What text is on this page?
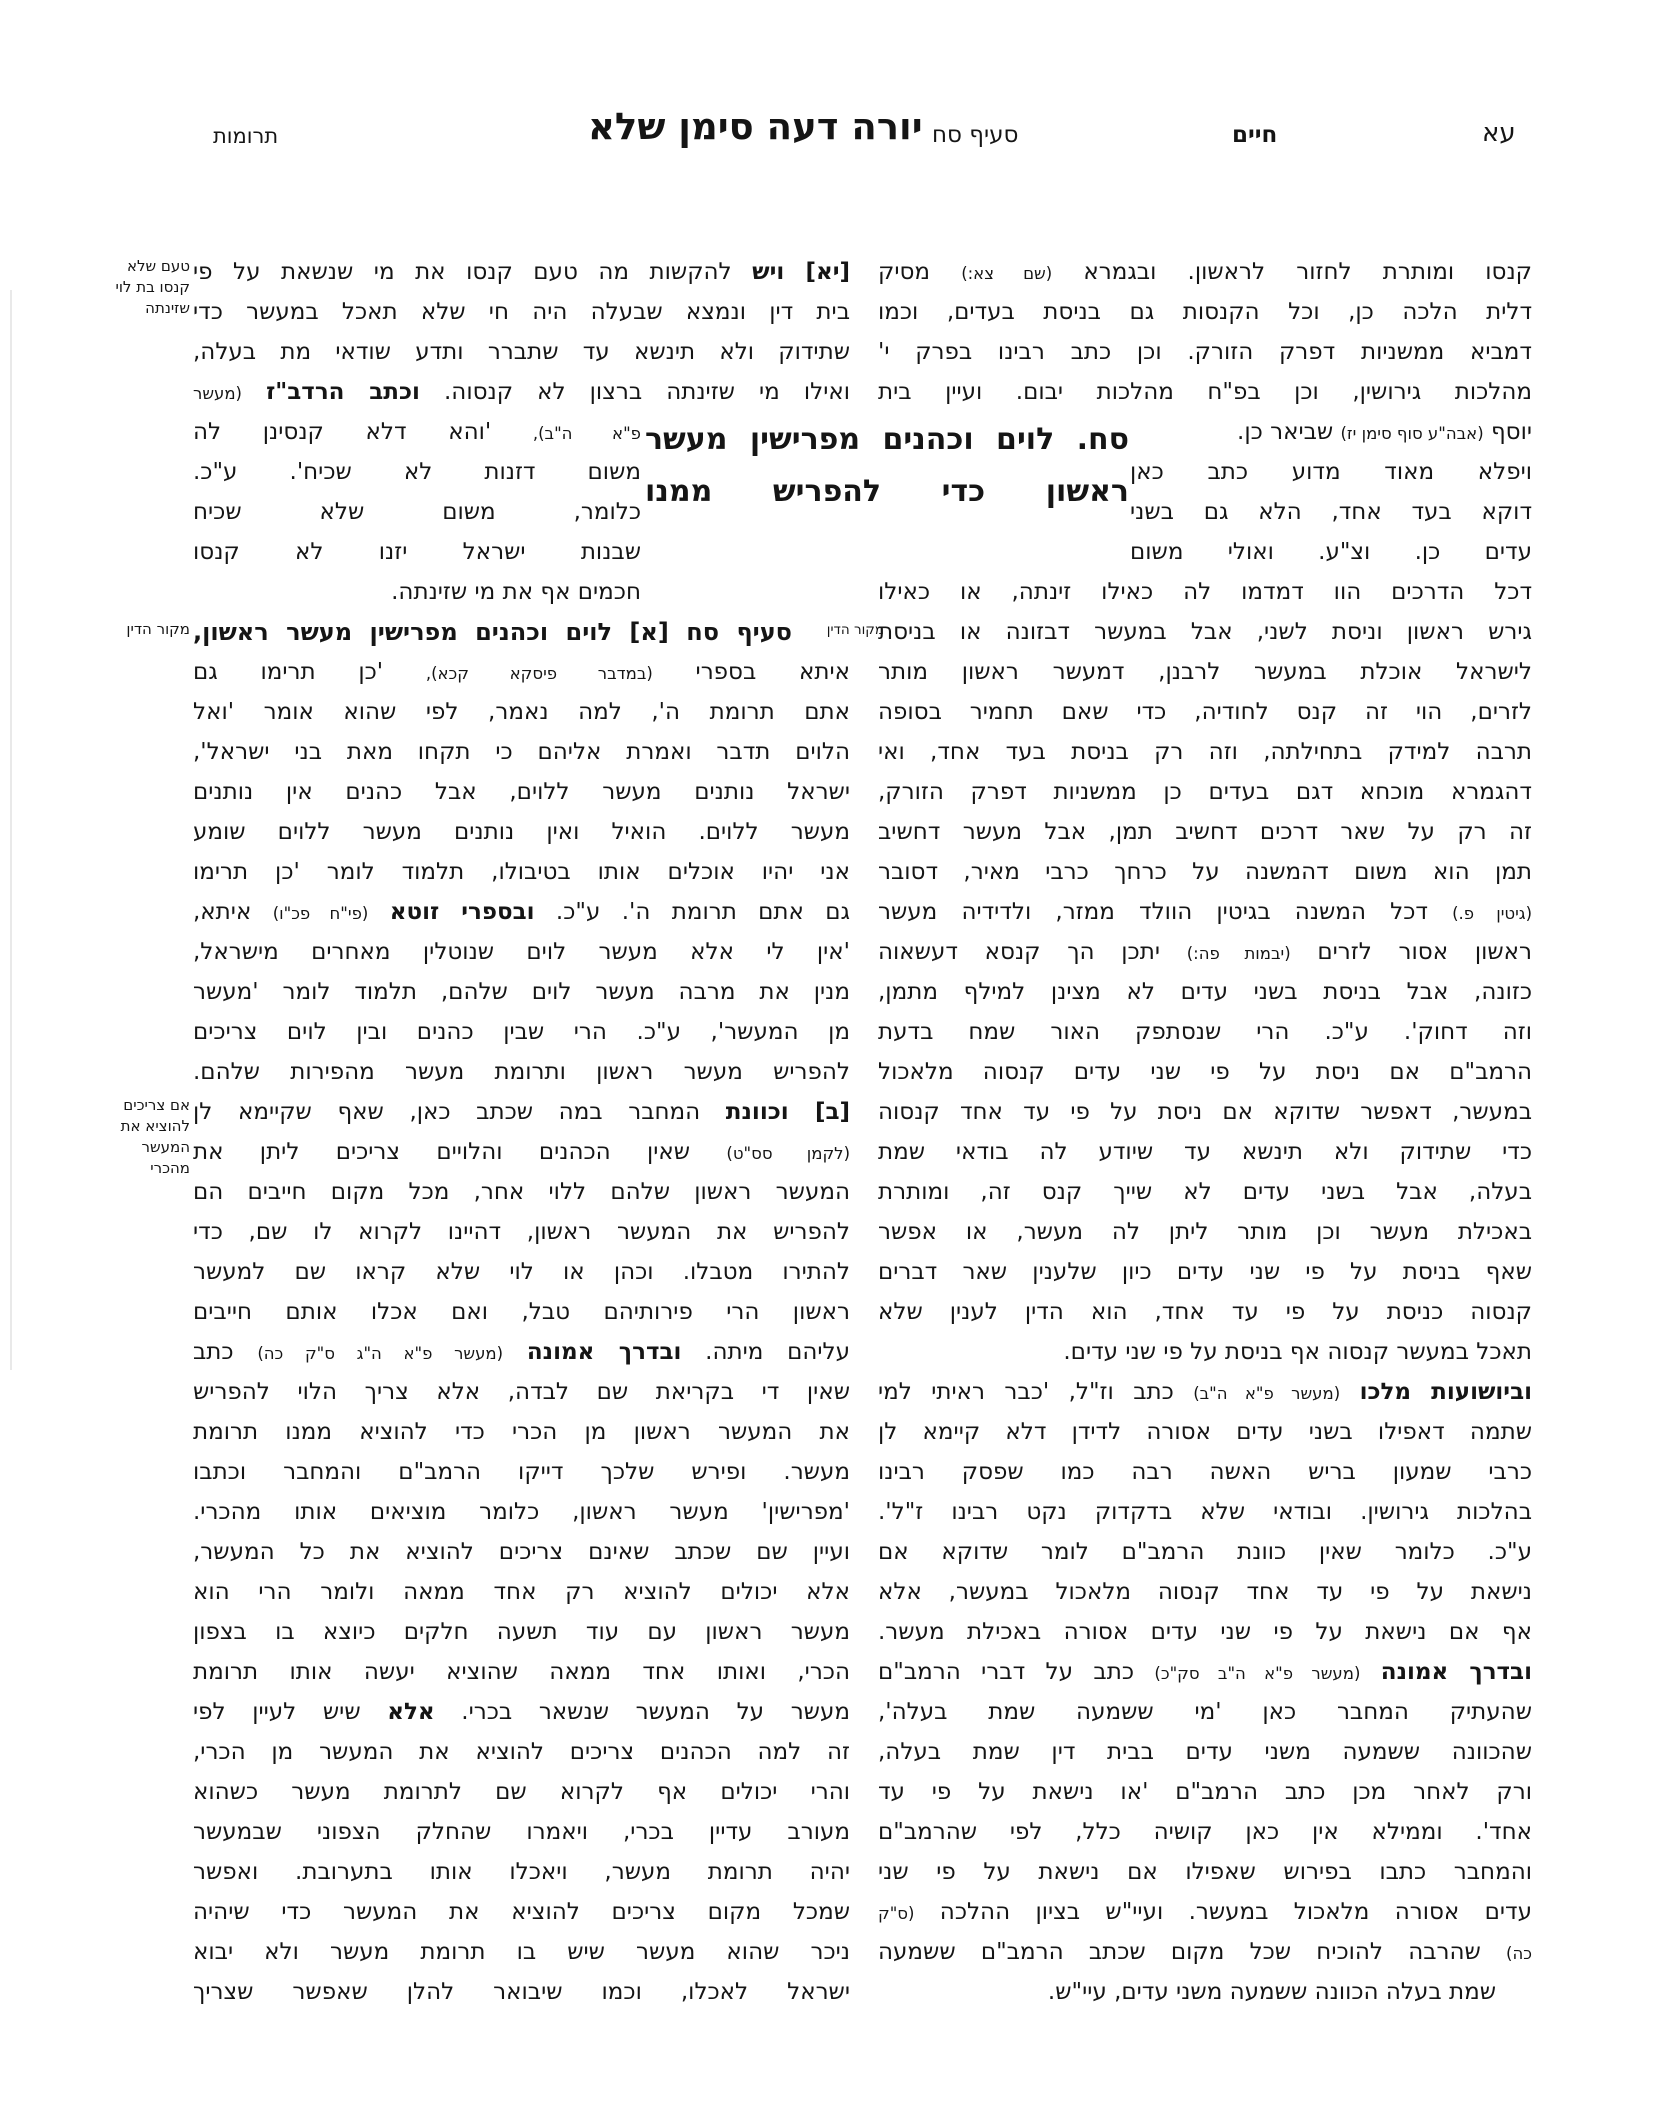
תרומות	יורה דעה סימן שלא סעיף סח	חיים	עא
טעם שלא
קנסו בת לוי
שזינתה
מקור הדין
אם צריכים
להוציא את
המעשר
מהכרי
מקור הדין
סח. לוים וכהנים מפרישין מעשר
ראשון כדי להפריש ממנו
קנסו ומותרת לחזור לראשון. ובגמרא (שם צא:) מסיק
דלית הלכה כן, וכל הקנסות גם בניסת בעדים, וכמו
דמביא ממשניות דפרק הזורק. וכן כתב רבינו בפרק י'
מהלכות גירושין, וכן בפ"ח מהלכות יבום. ועיין בית
יוסף (אבה"ע סוף סימן יז) שביאר כן.
ויפלא מאוד מדוע כתב כאן
דוקא בעד אחד, הלא גם בשני
עדים כן. וצ"ע. ואולי משום
דכל הדרכים הוו דמדמו לה כאילו זינתה, או כאילו
גירש ראשון וניסת לשני, אבל במעשר דבזונה או בניסת
לישראל אוכלת במעשר לרבנן, דמעשר ראשון מותר
לזרים, הוי זה קנס לחודיה, כדי שאם תחמיר בסופה
תרבה למידק בתחילתה, וזה רק בניסת בעד אחד, ואי
דהגמרא מוכחא דגם בעדים כן ממשניות דפרק הזורק,
זה רק על שאר דרכים דחשיב תמן, אבל מעשר דחשיב
תמן הוא משום דהמשנה על כרחך כרבי מאיר, דסובר
(גיטין פ.) דכל המשנה בגיטין הוולד ממזר, ולדידיה מעשר
ראשון אסור לזרים (יבמות פה:) יתכן הך קנסא דעשאוה
כזונה, אבל בניסת בשני עדים לא מצינן למילף מתמן,
וזה דחוק'. ע"כ. הרי שנסתפק האור שמח בדעת
הרמב"ם אם ניסת על פי שני עדים קנסוה מלאכול
במעשר, דאפשר שדוקא אם ניסת על פי עד אחד קנסוה
כדי שתידוק ולא תינשא עד שיודע לה בודאי שמת
בעלה, אבל בשני עדים לא שייך קנס זה, ומותרת
באכילת מעשר וכן מותר ליתן לה מעשר, או אפשר
שאף בניסת על פי שני עדים כיון שלענין שאר דברים
קנסוה כניסת על פי עד אחד, הוא הדין לענין שלא
תאכל במעשר קנסוה אף בניסת על פי שני עדים.
וביושועות מלכו (מעשר פ"א ה"ב) כתב וז"ל, 'כבר ראיתי למי
שתמה דאפילו בשני עדים אסורה לדידן דלא קיימא לן
כרבי שמעון בריש האשה רבה כמו שפסק רבינו
בהלכות גירושין. ובודאי שלא בדקדוק נקט רבינו ז"ל'.
ע"כ. כלומר שאין כוונת הרמב"ם לומר שדוקא אם
נישאת על פי עד אחד קנסוה מלאכול במעשר, אלא
אף אם נישאת על פי שני עדים אסורה באכילת מעשר.
ובדרך אמונה (מעשר פ"א ה"ב סק"כ) כתב על דברי הרמב"ם
שהעתיק המחבר כאן 'מי ששמעה שמת בעלה',
שהכוונה ששמעה משני עדים בבית דין שמת בעלה,
ורק לאחר מכן כתב הרמב"ם 'או נישאת על פי עד
אחד'. וממילא אין כאן קושיה כלל, לפי שהרמב"ם
והמחבר כתבו בפירוש שאפילו אם נישאת על פי שני
עדים אסורה מלאכול במעשר. ועיי"ש בציון ההלכה (ס"ק
כה) שהרבה להוכיח שכל מקום שכתב הרמב"ם ששמעה
שמת בעלה הכוונה ששמעה משני עדים, עיי"ש.
[יא] ויש להקשות מה טעם קנסו את מי שנשאת על פי
בית דין ונמצא שבעלה היה חי שלא תאכל במעשר כדי
שתידוק ולא תינשא עד שתברר ותדע שודאי מת בעלה,
ואילו מי שזינתה ברצון לא קנסוה. וכתב הרדב"ז (מעשר
פ"א ה"ב), 'והא דלא קנסינן לה
משום דזנות לא שכיח'. ע"כ.
כלומר, משום שלא שכיח
שבנות ישראל יזנו לא קנסו
חכמים אף את מי שזינתה.
סעיף סח [א] לוים וכהנים מפרישין מעשר ראשון,
איתא בספרי (במדבר פיסקא קכא), 'כן תרימו גם
אתם תרומת ה', למה נאמר, לפי שהוא אומר 'ואל
הלוים תדבר ואמרת אליהם כי תקחו מאת בני ישראל',
ישראל נותנים מעשר ללוים, אבל כהנים אין נותנים
מעשר ללוים. הואיל ואין נותנים מעשר ללוים שומע
אני יהיו אוכלים אותו בטיבולו, תלמוד לומר 'כן תרימו
גם אתם תרומת ה'. ע"כ. ובספרי זוטא (פי"ח פכ"ו) איתא,
'אין לי אלא מעשר לוים שנוטלין מאחרים מישראל,
מנין את מרבה מעשר לוים שלהם, תלמוד לומר 'מעשר
מן המעשר', ע"כ. הרי שבין כהנים ובין לוים צריכים
להפריש מעשר ראשון ותרומת מעשר מהפירות שלהם.
[ב] וכוונת המחבר במה שכתב כאן, שאף שקיימא לן
(לקמן סס"ט) שאין הכהנים והלויים צריכים ליתן את
המעשר ראשון שלהם ללוי אחר, מכל מקום חייבים הם
להפריש את המעשר ראשון, דהיינו לקרוא לו שם, כדי
להתירו מטבלו. וכהן או לוי שלא קראו שם למעשר
ראשון הרי פירותיהם טבל, ואם אכלו אותם חייבים
עליהם מיתה. ובדרך אמונה (מעשר פ"א ה"ג ס"ק כה) כתב
שאין די בקריאת שם לבדה, אלא צריך הלוי להפריש
את המעשר ראשון מן הכרי כדי להוציא ממנו תרומת
מעשר. ופירש שלכך דייקו הרמב"ם והמחבר וכתבו
'מפרישין' מעשר ראשון, כלומר מוציאים אותו מהכרי.
ועיין שם שכתב שאינם צריכים להוציא את כל המעשר,
אלא יכולים להוציא רק אחד ממאה ולומר הרי הוא
מעשר ראשון עם עוד תשעה חלקים כיוצא בו בצפון
הכרי, ואותו אחד ממאה שהוציא יעשה אותו תרומת
מעשר על המעשר שנשאר בכרי. אלא שיש לעיין לפי
זה למה הכהנים צריכים להוציא את המעשר מן הכרי,
והרי יכולים אף לקרוא שם לתרומת מעשר כשהוא
מעורב עדיין בכרי, ויאמרו שהחלק הצפוני שבמעשר
יהיה תרומת מעשר, ויאכלו אותו בתערובת. ואפשר
שמכל מקום צריכים להוציא את המעשר כדי שיהיה
ניכר שהוא מעשר שיש בו תרומת מעשר ולא יבוא
ישראל לאכלו, וכמו שיבואר להלן שאפשר שצריך
